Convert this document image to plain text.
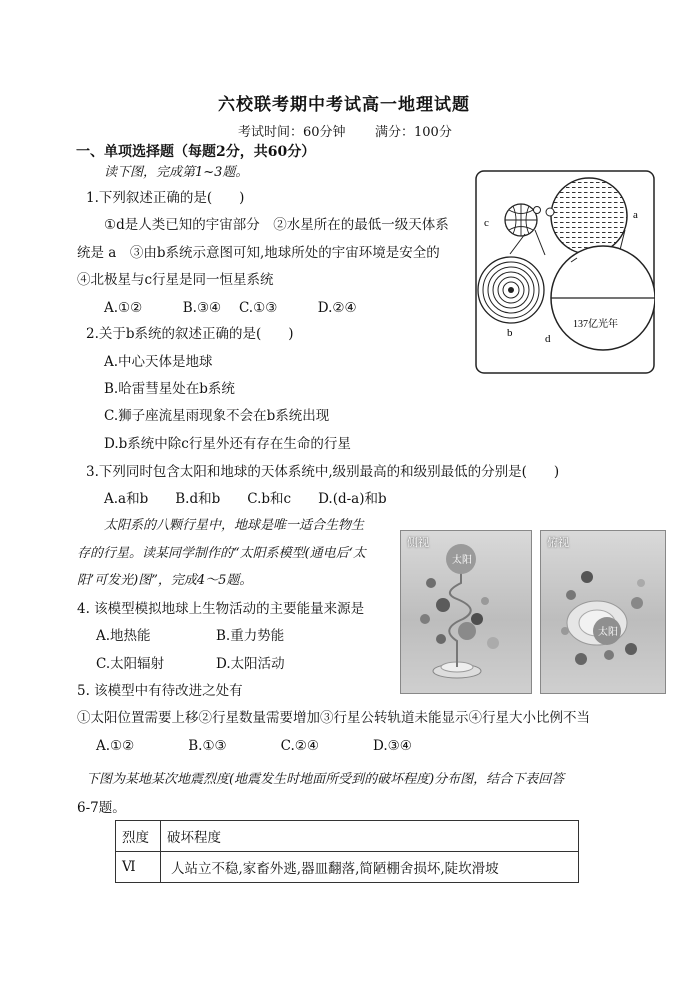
六校联考期中考试高一地理试题
考试时间：60分钟 满分：100分
一、单项选择题（每题2分，共60分）
读下图，完成第1~3题。
1.下列叙述正确的是(　　)
①d是人类已知的宇宙部分　②水星所在的最低一级天体系
统是 a　③由b系统示意图可知,地球所处的宇宙环境是安全的
④北极星与c行星是同一恒星系统
A.①②　　　B.③④　 C.①③　　　D.②④
2.关于b系统的叙述正确的是(　　)
A.中心天体是地球
B.哈雷彗星处在b系统
C.狮子座流星雨现象不会在b系统出现
D.b系统中除c行星外还有存在生命的行星
3.下列同时包含太阳和地球的天体系统中,级别最高的和级别最低的分别是(　　)
A.a和b　　B.d和b　　C.b和c　　D.(d-a)和b
太阳系的八颗行星中，地球是唯一适合生物生
存的行星。读某同学制作的“太阳系模型(通电后‘太
阳’可发光)图”，完成4～5题。
4. 该模型模拟地球上生物活动的主要能量来源是
A.地热能	B.重力势能
C.太阳辐射	D.太阳活动
5. 该模型中有待改进之处有
①太阳位置需要上移②行星数量需要增加③行星公转轨道未能显示④行星大小比例不当
A.①②　　　　B.①③　　　　C.②④　　　　D.③④
下图为某地某次地震烈度(地震发生时地面所受到的破坏程度)分布图，结合下表回答
6-7题。
烈度	破坏程度
Ⅵ	人站立不稳,家畜外逃,器皿翻落,简陋棚舍损坏,陡坎滑坡
c
a
b	d
137亿光年
侧视
太阳
俯视
太阳
